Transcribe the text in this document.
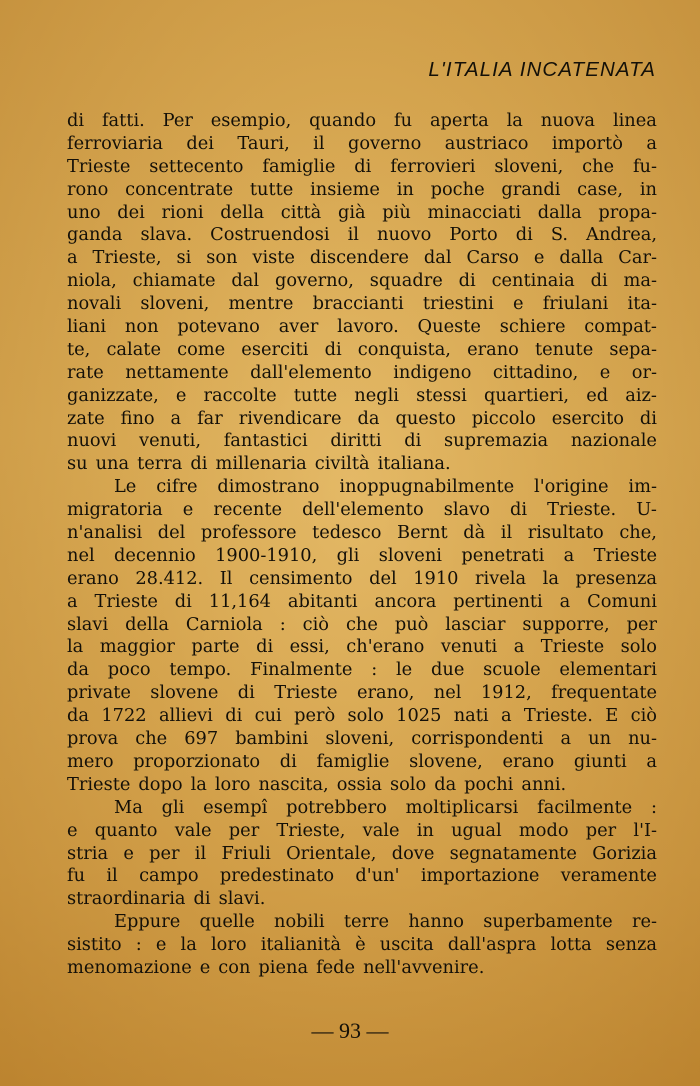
L'ITALIA INCATENATA
di fatti. Per esempio, quando fu aperta la nuova linea
ferroviaria dei Tauri, il governo austriaco importò a
Trieste settecento famiglie di ferrovieri sloveni, che fu-
rono concentrate tutte insieme in poche grandi case, in
uno dei rioni della città già più minacciati dalla propa-
ganda slava. Costruendosi il nuovo Porto di S. Andrea,
a Trieste, si son viste discendere dal Carso e dalla Car-
niola, chiamate dal governo, squadre di centinaia di ma-
novali sloveni, mentre braccianti triestini e friulani ita-
liani non potevano aver lavoro. Queste schiere compat-
te, calate come eserciti di conquista, erano tenute sepa-
rate nettamente dall'elemento indigeno cittadino, e or-
ganizzate, e raccolte tutte negli stessi quartieri, ed aiz-
zate fino a far rivendicare da questo piccolo esercito di
nuovi venuti, fantastici diritti di supremazia nazionale
su una terra di millenaria civiltà italiana.
Le cifre dimostrano inoppugnabilmente l'origine im-
migratoria e recente dell'elemento slavo di Trieste. U-
n'analisi del professore tedesco Bernt dà il risultato che,
nel decennio 1900-1910, gli sloveni penetrati a Trieste
erano 28.412. Il censimento del 1910 rivela la presenza
a Trieste di 11,164 abitanti ancora pertinenti a Comuni
slavi della Carniola : ciò che può lasciar supporre, per
la maggior parte di essi, ch'erano venuti a Trieste solo
da poco tempo. Finalmente : le due scuole elementari
private slovene di Trieste erano, nel 1912, frequentate
da 1722 allievi di cui però solo 1025 nati a Trieste. E ciò
prova che 697 bambini sloveni, corrispondenti a un nu-
mero proporzionato di famiglie slovene, erano giunti a
Trieste dopo la loro nascita, ossia solo da pochi anni.
Ma gli esempî potrebbero moltiplicarsi facilmente :
e quanto vale per Trieste, vale in ugual modo per l'I-
stria e per il Friuli Orientale, dove segnatamente Gorizia
fu il campo predestinato d'un' importazione veramente
straordinaria di slavi.
Eppure quelle nobili terre hanno superbamente re-
sistito : e la loro italianità è uscita dall'aspra lotta senza
menomazione e con piena fede nell'avvenire.
— 93 —
